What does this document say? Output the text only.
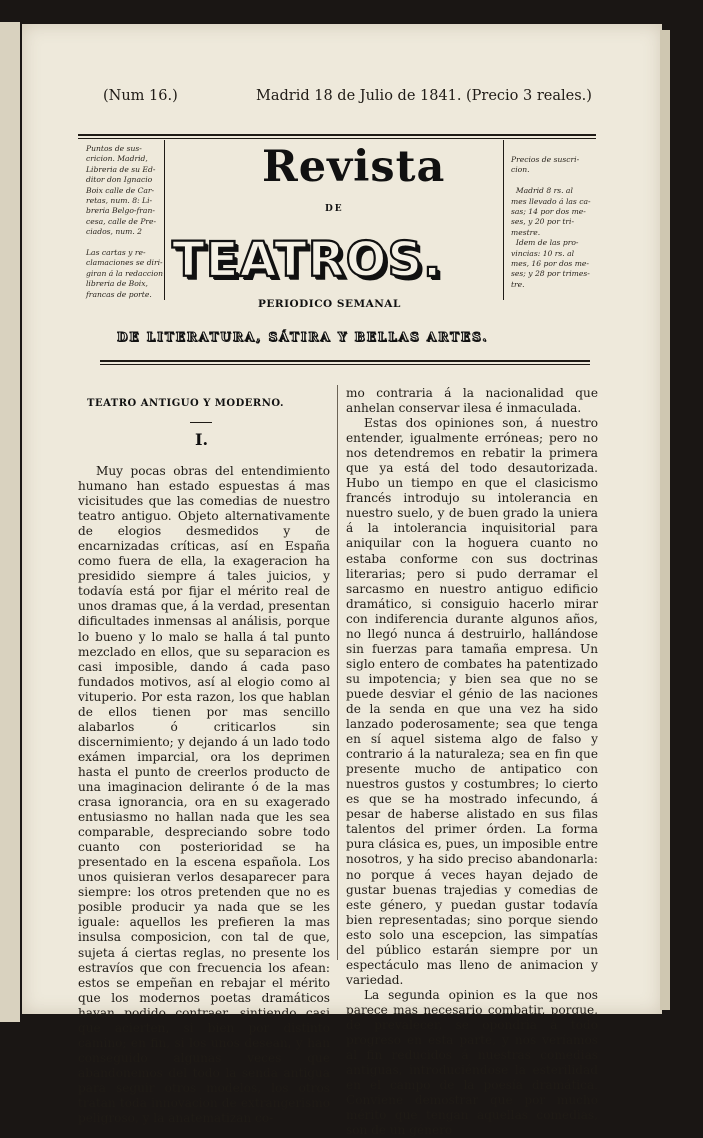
(Num 16.)	Madrid 18 de Julio de 1841. (Precio 3 reales.)
Puntos de sus-
cricion. Madrid,
Libreria de su Ed-
ditor don Ignacio
Boix calle de Car-
retas, num. 8: Li-
breria Belgo-fran-
cesa, calle de Pre-
ciados, num. 2

Las cartas y re-
clamaciones se diri-
giran á la redaccion
libreria de Boix,
francas de porte.
Precios de suscri-
cion.

Madrid 8 rs. al
mes llevado á las ca-
sas; 14 por dos me-
ses, y 20 por tri-
mestre.
Idem de las pro-
vincias: 10 rs. al
mes, 16 por dos me-
ses; y 28 por trimes-
tre.
Revista
DE
TEATROS.
PERIODICO SEMANAL
DE LITERATURA, SÁTIRA Y BELLAS ARTES.
TEATRO ANTIGUO Y MODERNO.
I.

Muy pocas obras del entendimiento humano han estado espuestas á mas vicisitudes que las comedias de nuestro teatro antiguo. Objeto alternativamente de elogios desmedidos y de encarnizadas críticas, así en España como fuera de ella, la exageracion ha presidido siempre á tales juicios, y todavía está por fijar el mérito real de unos dramas que, á la verdad, presentan dificultades inmensas al análisis, porque lo bueno y lo malo se halla á tal punto mezclado en ellos, que su separacion es casi imposible, dando á cada paso fundados motivos, así al elogio como al vituperio. Por esta razon, los que hablan de ellos tienen por mas sencillo alabarlos ó criticarlos sin discernimiento; y dejando á un lado todo exámen imparcial, ora los deprimen hasta el punto de creerlos producto de una imaginacion delirante ó de la mas crasa ignorancia, ora en su exagerado entusiasmo no hallan nada que les sea comparable, despreciando sobre todo cuanto con posterioridad se ha presentado en la escena española. Los unos quisieran verlos desaparecer para siempre: los otros pretenden que no es posible producir ya nada que se les iguale: aquellos les prefieren la mas insulsa composicion, con tal de que, sujeta á ciertas reglas, no presente los estravíos que con frecuencia los afean: estos se empeñan en rebajar el mérito que los modernos poetas dramáticos hayan podido contraer, sintiendo casi que acierten, si bien por distinto camino; en fin, si los unos desean, y han conseguido algunas veces que abandonemos del todo la senda antigua para seguir otros modelos, los otros tratan toda innovacion de extrangerismo peligroso, y la anatematizan co-

mo contraria á la nacionalidad que anhelan conservar ilesa é inmaculada.

Estas dos opiniones son, á nuestro entender, igualmente erróneas; pero no nos detendremos en rebatir la primera que ya está del todo desautorizada. Hubo un tiempo en que el clasicismo francés introdujo su intolerancia en nuestro suelo, y de buen grado la uniera á la intolerancia inquisitorial para aniquilar con la hoguera cuanto no estaba conforme con sus doctrinas literarias; pero si pudo derramar el sarcasmo en nuestro antiguo edificio dramático, si consiguio hacerlo mirar con indiferencia durante algunos años, no llegó nunca á destruirlo, hallándose sin fuerzas para tamaña empresa. Un siglo entero de combates ha patentizado su impotencia; y bien sea que no se puede desviar el génio de las naciones de la senda en que una vez ha sido lanzado poderosamente; sea que tenga en sí aquel sistema algo de falso y contrario á la naturaleza; sea en fin que presente mucho de antipatico con nuestros gustos y costumbres; lo cierto es que se ha mostrado infecundo, á pesar de haberse alistado en sus filas talentos del primer órden. La forma pura clásica es, pues, un imposible entre nosotros, y ha sido preciso abandonarla: no porque á veces hayan dejado de gustar buenas trajedias y comedias de este género, y puedan gustar todavía bien representadas; sino porque siendo esto solo una escepcion, las simpatías del público estarán siempre por un espectáculo mas lleno de animacion y variedad.

La segunda opinion es la que nos parece mas necesario combatir, porque, de prevalecer, se opondria á todo progreso en esta parte, y nos veríamos al fin reducidos á nuestras comedias antiguas, introduciéndose la esterilidad en el campo de la poesía dramática. Conviene demostrar que por mucho mérito que tengan aquellas comedias, son de un género
